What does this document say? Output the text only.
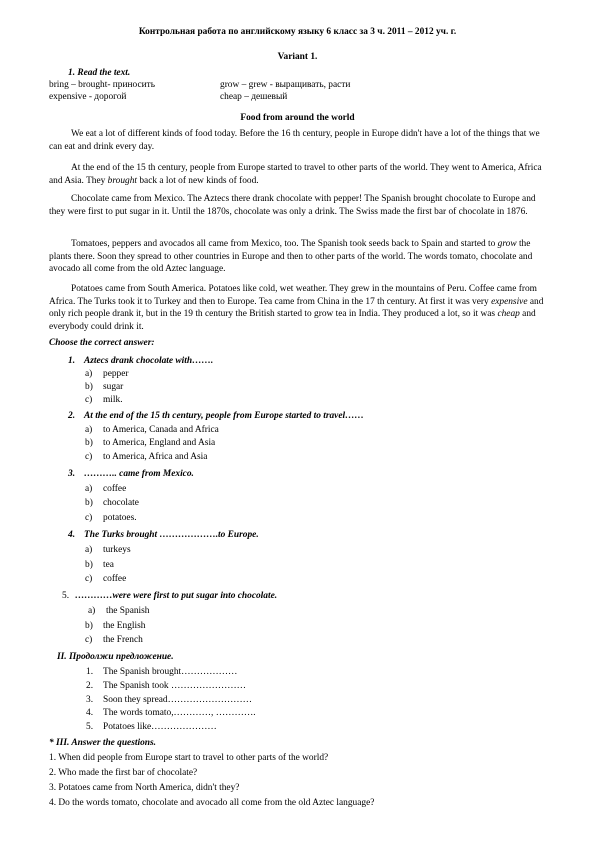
Контрольная работа по английскому языку 6 класс за 3 ч. 2011 – 2012 уч. г.
Variant 1.
1. Read the text.
bring – brought- приносить	grow – grew - выращивать, расти
expensive - дорогой	cheap – дешевый
Food from around the world
We eat a lot of different kinds of food today. Before the 16 th century, people in Europe didn't have a lot of the things that we can eat and drink every day.
At the end of the 15 th century, people from Europe started to travel to other parts of the world. They went to America, Africa and Asia. They brought back a lot of new kinds of food.
Chocolate came from Mexico. The Aztecs there drank chocolate with pepper! The Spanish brought chocolate to Europe and they were first to put sugar in it. Until the 1870s, chocolate was only a drink. The Swiss made the first bar of chocolate in 1876.
Tomatoes, peppers and avocados all came from Mexico, too. The Spanish took seeds back to Spain and started to grow the plants there. Soon they spread to other countries in Europe and then to other parts of the world. The words tomato, chocolate and avocado all come from the old Aztec language.
Potatoes came from South America. Potatoes like cold, wet weather. They grew in the mountains of Peru. Coffee came from Africa. The Turks took it to Turkey and then to Europe. Tea came from China in the 17 th century. At first it was very expensive and only rich people drank it, but in the 19 th century the British started to grow tea in India. They produced a lot, so it was cheap and everybody could drink it.
Choose the correct answer:
1. Aztecs drank chocolate with…….
a) pepper
b) sugar
c) milk.
2. At the end of the 15 th century, people from Europe started to travel……
a) to America, Canada and Africa
b) to America, England and Asia
c) to America, Africa and Asia
3. ……….. came from Mexico.
a) coffee
b) chocolate
c) potatoes.
4. The Turks brought ……………….to Europe.
a) turkeys
b) tea
c) coffee
5. …………were were first to put sugar into chocolate.
a) the Spanish
b) the English
c) the French
II. Продолжи предложение.
1. The Spanish brought………………
2. The Spanish took ……………………
3. Soon they spread………………………
4. The words tomato,…………, ………….
5. Potatoes like…………………
* III. Answer the questions.
1. When did people from Europe start to travel to other parts of the world?
2. Who made the first bar of chocolate?
3. Potatoes came from North America, didn't they?
4. Do the words tomato, chocolate and avocado all come from the old Aztec language?
